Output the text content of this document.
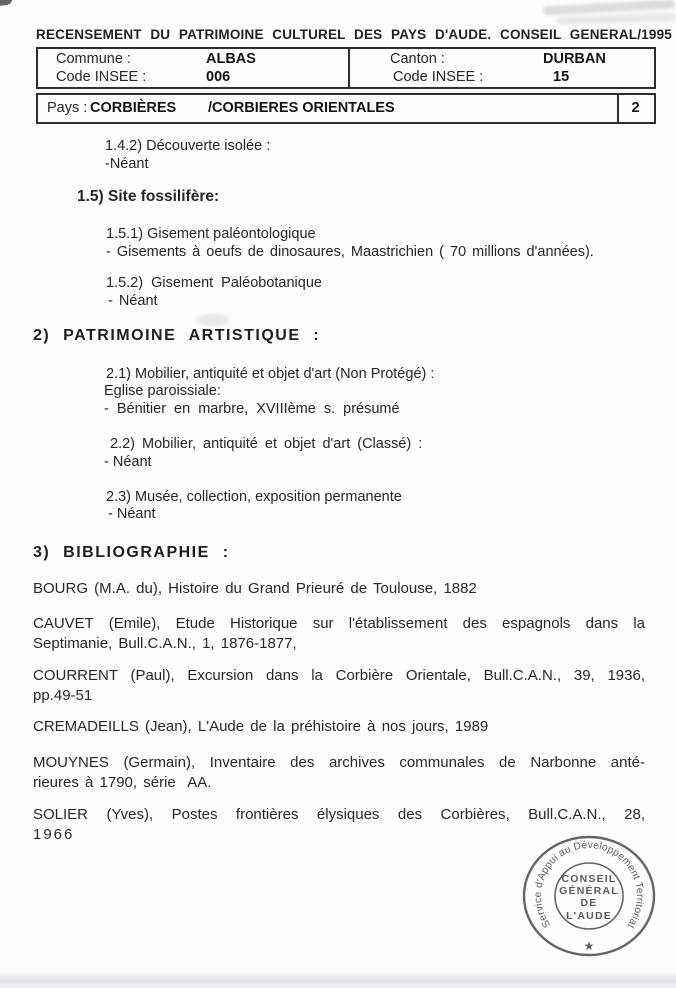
RECENSEMENT DU PATRIMOINE CULTUREL DES PAYS D'AUDE. CONSEIL GENERAL/1995
Commune :	ALBAS
Code INSEE :	006
Canton :	DURBAN
Code INSEE :	15
Pays : CORBIÈRES /CORBIERES ORIENTALES	2
1.4.2) Découverte isolée :
-Néant
1.5) Site fossilifère:
1.5.1) Gisement paléontologique
- Gisements à oeufs de dinosaures, Maastrichien ( 70 millions d'années).
1.5.2) Gisement Paléobotanique
- Néant
2) PATRIMOINE ARTISTIQUE :
2.1) Mobilier, antiquité et objet d'art (Non Protégé) :
Eglise paroissiale:
- Bénitier en marbre, XVIIIème s. présumé
2.2) Mobilier, antiquité et objet d'art (Classé) :
- Néant
2.3) Musée, collection, exposition permanente
- Néant
3) BIBLIOGRAPHIE :
BOURG (M.A. du), Histoire du Grand Prieuré de Toulouse, 1882
CAUVET (Emile), Etude Historique sur l'établissement des espagnols dans la
Septimanie, Bull.C.A.N., 1, 1876-1877,
COURRENT (Paul), Excursion dans la Corbière Orientale, Bull.C.A.N., 39, 1936,
pp.49-51
CREMADEILLS (Jean), L'Aude de la préhistoire à nos jours, 1989
MOUYNES (Germain), Inventaire des archives communales de Narbonne anté-
rieures à 1790, série  AA.
SOLIER (Yves), Postes frontières élysiques des Corbières, Bull.C.A.N., 28,
1966
Service d'Appui au Développement Territorial
CONSEIL
GÉNÉRAL
DE
L'AUDE
★
